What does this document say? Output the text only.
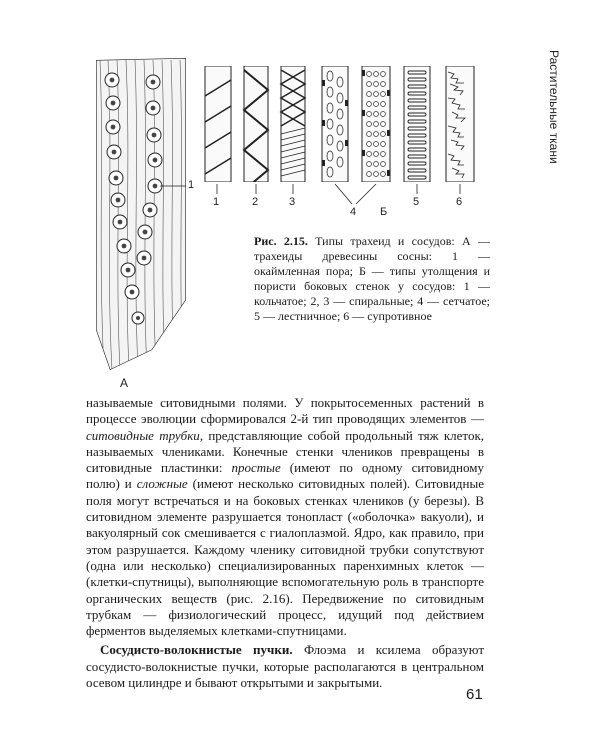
А
1
1	2	3
4 Б
5	6
Растительные ткани
Рис. 2.15. Типы трахеид и сосудов: А — трахеиды древесины сосны: 1 — окаймленная пора; Б — типы утолщения и пористи боковых стенок у сосудов: 1 — кольчатое; 2, 3 — спиральные; 4 — сетчатое; 5 — лестничное; 6 — супротивное

называемые ситовидными полями. У покрытосеменных растений в процессе эволюции сформировался 2-й тип проводящих элементов — ситовидные трубки, представляющие собой продольный тяж клеток, называемых члениками. Конечные стенки члеников превращены в ситовидные пластинки: простые (имеют по одному ситовидному полю) и сложные (имеют несколько ситовидных полей). Ситовидные поля могут встречаться и на боковых стенках члеников (у березы). В ситовидном элементе разрушается тонопласт («оболочка» вакуоли), и вакуолярный сок смешивается с гиалоплазмой. Ядро, как правило, при этом разрушается. Каждому членику ситовидной трубки сопутствуют (одна или несколько) специализированных паренхимных клеток — (клетки-спутницы), выполняющие вспомогательную роль в транспорте органических веществ (рис. 2.16). Передвижение по ситовидным трубкам — физиологический процесс, идущий под действием ферментов выделяемых клетками-спутницами.

Сосудисто-волокнистые пучки. Флоэма и ксилема образуют сосудисто-волокнистые пучки, которые располагаются в центральном осевом цилиндре и бывают открытыми и закрытыми.

61
